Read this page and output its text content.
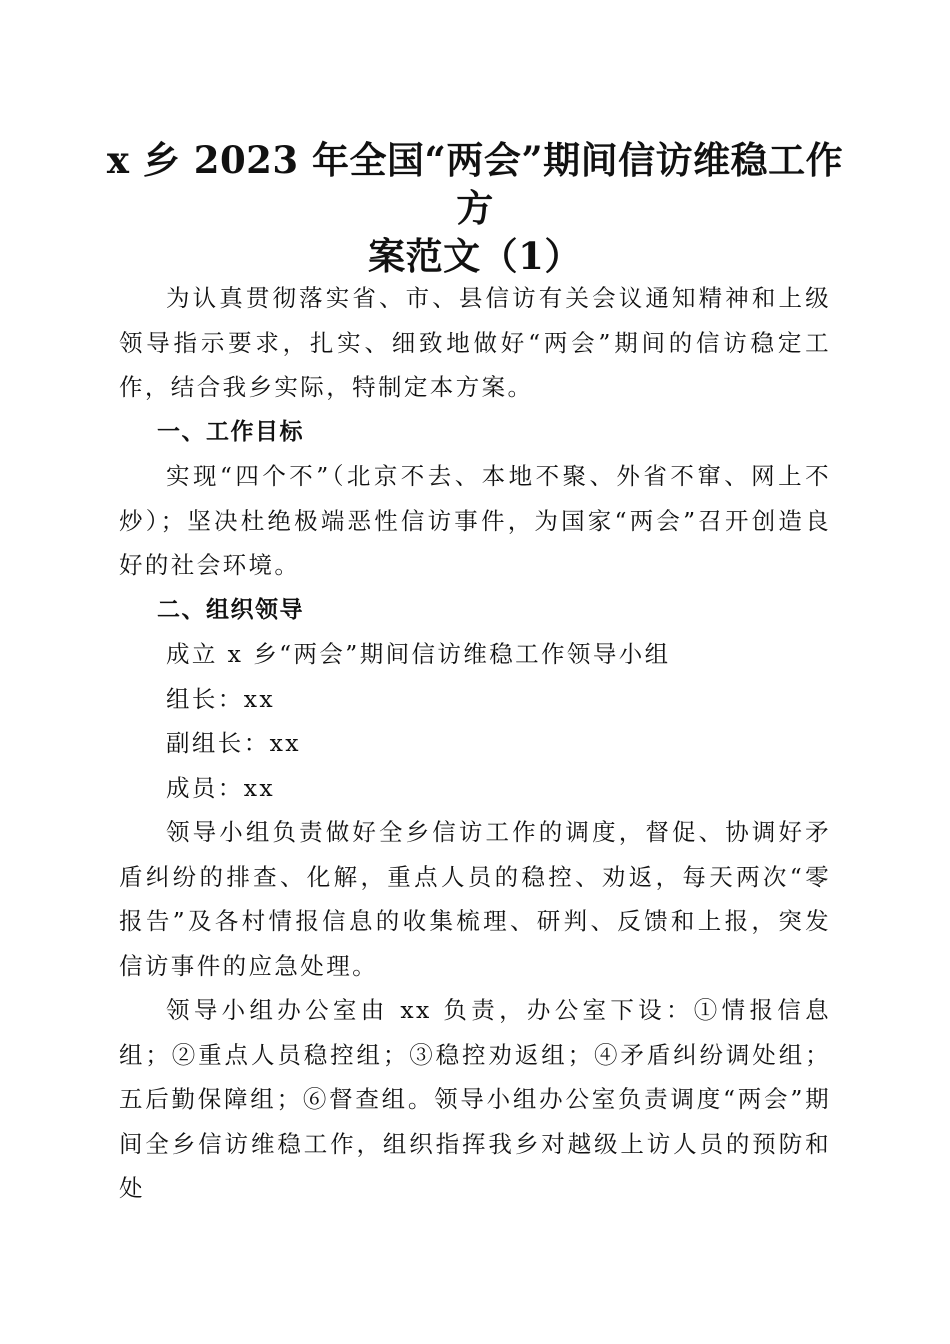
x 乡 2023 年全国“两会”期间信访维稳工作方
案范文（1）

为认真贯彻落实省、市、县信访有关会议通知精神和上级领导指示要求，扎实、细致地做好“两会”期间的信访稳定工作，结合我乡实际，特制定本方案。

一、工作目标

实现“四个不”（北京不去、本地不聚、外省不窜、网上不炒）；坚决杜绝极端恶性信访事件，为国家“两会”召开创造良好的社会环境。

二、组织领导

成立 x 乡“两会”期间信访维稳工作领导小组

组长：xx

副组长：xx

成员：xx

领导小组负责做好全乡信访工作的调度，督促、协调好矛盾纠纷的排查、化解，重点人员的稳控、劝返，每天两次“零报告”及各村情报信息的收集梳理、研判、反馈和上报，突发信访事件的应急处理。

领导小组办公室由 xx 负责，办公室下设：①情报信息组；②重点人员稳控组；③稳控劝返组；④矛盾纠纷调处组；五后勤保障组；⑥督查组。领导小组办公室负责调度“两会”期间全乡信访维稳工作，组织指挥我乡对越级上访人员的预防和处
